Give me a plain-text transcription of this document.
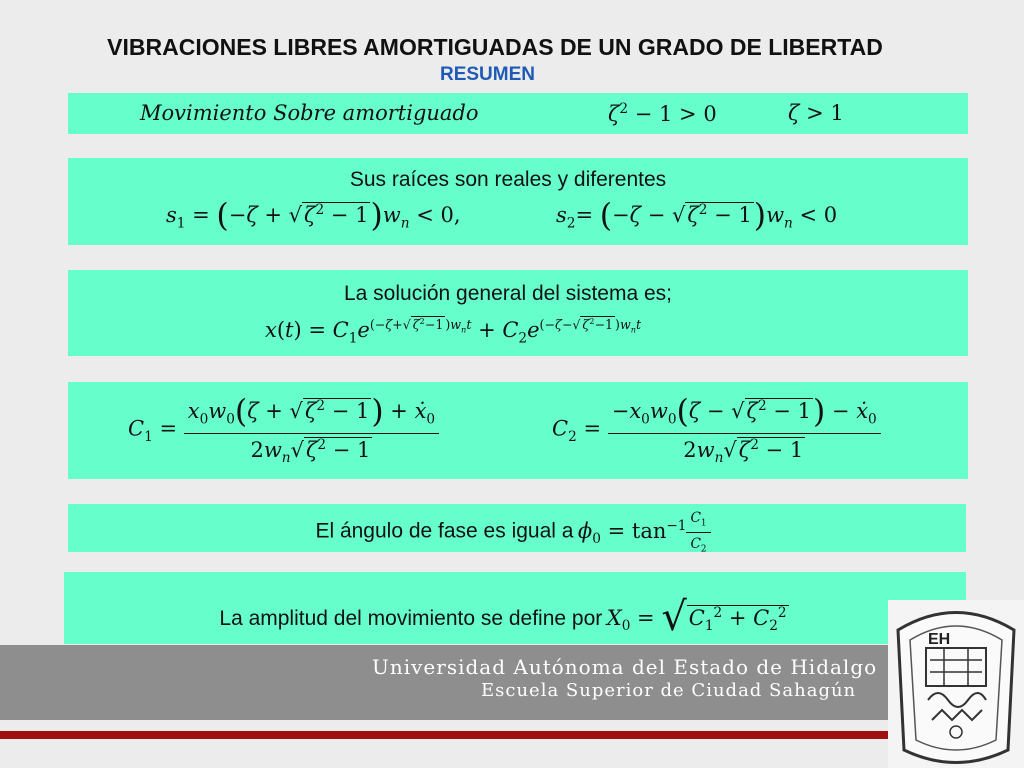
VIBRACIONES LIBRES AMORTIGUADAS DE UN GRADO DE LIBERTAD
RESUMEN
Movimiento Sobre amortiguado	$\zeta^2 - 1 > 0$	ζ > 1
Sus raíces son reales y diferentes
$s_1 = (-\zeta + √\zeta^2 - 1)w_n < 0$,	$s_2= (-\zeta - √\zeta^2 - 1)w_n < 0$
La solución general del sistema es;
$x(t) = C_1e^{(-\zeta+√ \zeta^2-1 )w_nt} + C_2e^{(-\zeta-√ \zeta^2-1 )w_nt}$
$C_1 = \frac{x_0w_0(\zeta + √\zeta^2 - 1) + ẋ_0}{2w_n√\zeta^2 - 1}$	$C_2 = \frac{-x_0w_0(\zeta - √\zeta^2 - 1) - ẋ_0}{2w_n√\zeta^2 - 1}$
El ángulo de fase es igual a $\phi_0 = \tan^{-1} \frac{C_1}{C_2}$
La amplitud del movimiento se define por $X_0 = √C_1^2 + C_2^2$
Universidad Autónoma del Estado de Hidalgo
Escuela Superior de Ciudad Sahagún
EH
